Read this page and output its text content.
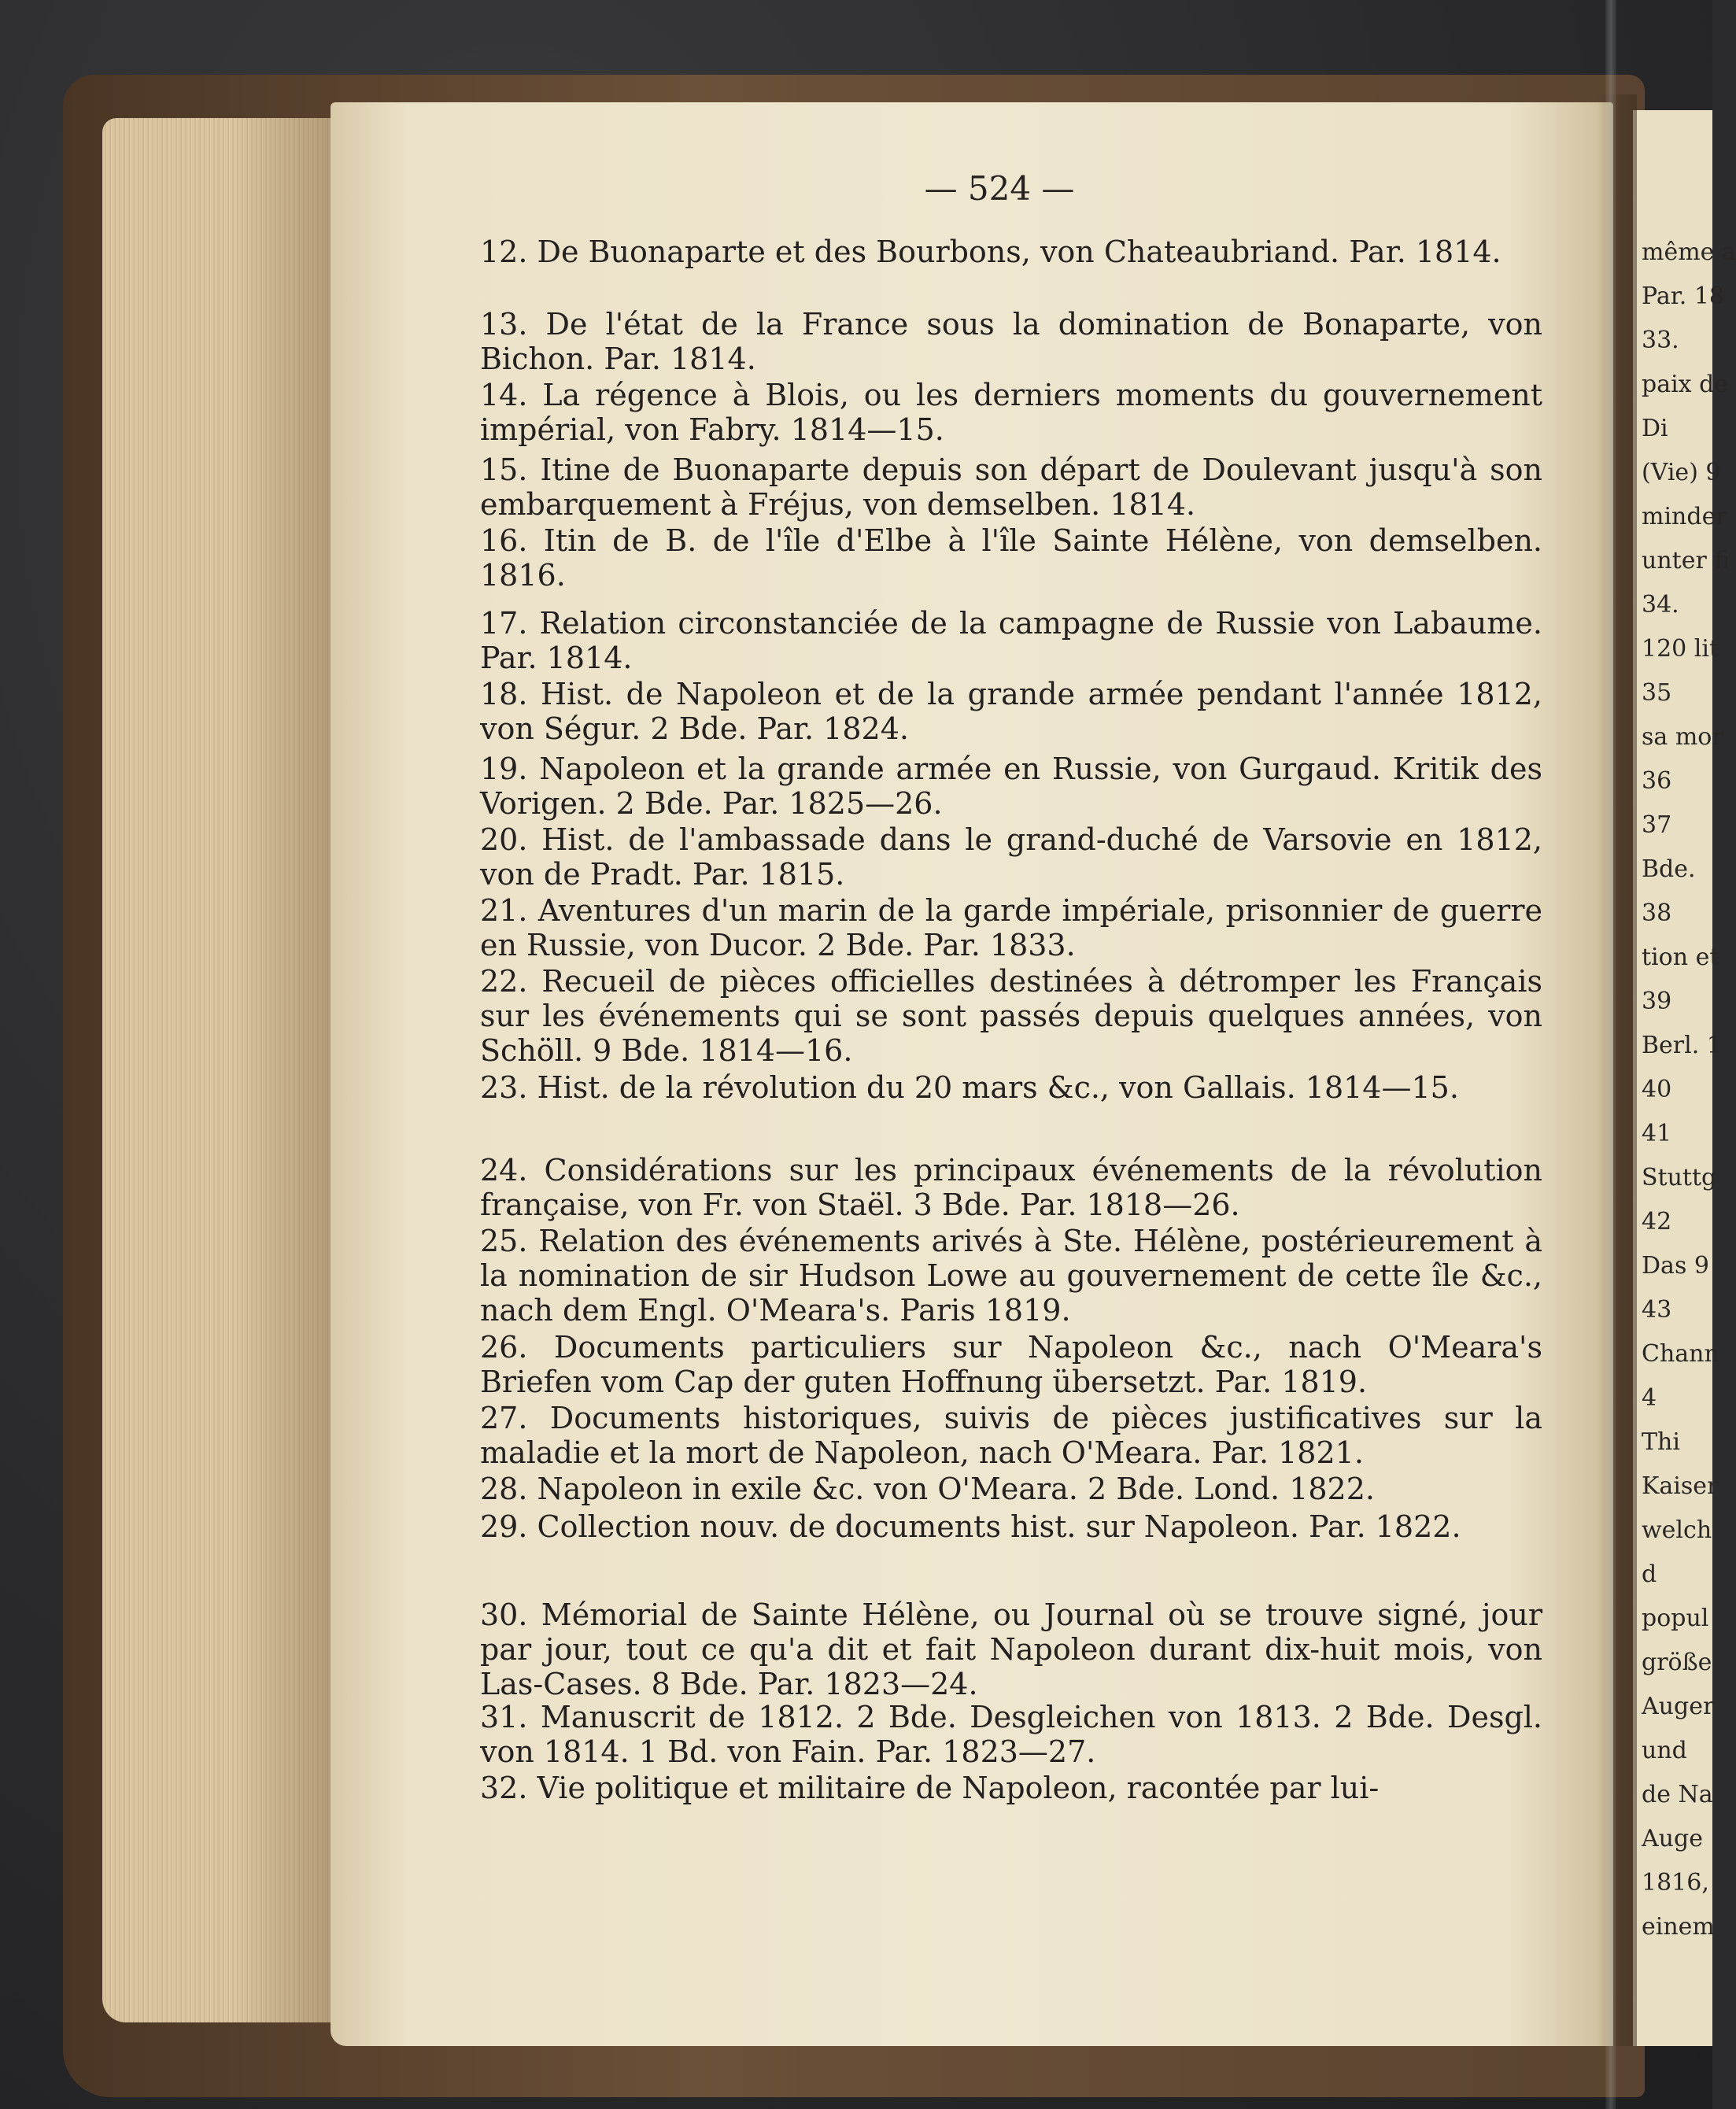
— 524 —
12. De Buonaparte et des Bourbons, von Chateaubriand. Par. 1814.
13. De l'état de la France sous la domination de Bonaparte, von Bichon. Par. 1814.
14. La régence à Blois, ou les derniers moments du gouvernement impérial, von Fabry. 1814—15.
15. Itine de Buonaparte depuis son départ de Doulevant jusqu'à son embarquement à Fréjus, von demselben. 1814.
16. Itin de B. de l'île d'Elbe à l'île Sainte Hélène, von demselben. 1816.
17. Relation circonstanciée de la campagne de Russie von Labaume. Par. 1814.
18. Hist. de Napoleon et de la grande armée pendant l'année 1812, von Ségur. 2 Bde. Par. 1824.
19. Napoleon et la grande armée en Russie, von Gurgaud. Kritik des Vorigen. 2 Bde. Par. 1825—26.
20. Hist. de l'ambassade dans le grand-duché de Varsovie en 1812, von de Pradt. Par. 1815.
21. Aventures d'un marin de la garde impériale, prisonnier de guerre en Russie, von Ducor. 2 Bde. Par. 1833.
22. Recueil de pièces officielles destinées à détromper les Français sur les événements qui se sont passés depuis quelques années, von Schöll. 9 Bde. 1814—16.
23. Hist. de la révolution du 20 mars &c., von Gallais. 1814—15.
24. Considérations sur les principaux événements de la révolution française, von Fr. von Staël. 3 Bde. Par. 1818—26.
25. Relation des événements arivés à Ste. Hélène, postérieurement à la nomination de sir Hudson Lowe au gouvernement de cette île &c., nach dem Engl. O'Meara's. Paris 1819.
26. Documents particuliers sur Napoleon &c., nach O'Meara's Briefen vom Cap der guten Hoffnung übersetzt. Par. 1819.
27. Documents historiques, suivis de pièces justificatives sur la maladie et la mort de Napoleon, nach O'Meara. Par. 1821.
28. Napoleon in exile &c. von O'Meara. 2 Bde. Lond. 1822.
29. Collection nouv. de documents hist. sur Napoleon. Par. 1822.
30. Mémorial de Sainte Hélène, ou Journal où se trouve signé, jour par jour, tout ce qu'a dit et fait Napoleon durant dix-huit mois, von Las-Cases. 8 Bde. Par. 1823—24.
31. Manuscrit de 1812. 2 Bde. Desgleichen von 1813. 2 Bde. Desgl. von 1814. 1 Bd. von Fain. Par. 1823—27.
32. Vie politique et militaire de Napoleon, racontée par lui-
même a
Par. 18
33.
paix de
Di
(Vie) 9
minder
unter fi
34.
120 lit
35
sa mor
36
37
Bde.
38
tion et
39
Berl. 1
40
41
Stuttg
42
Das 9
43
Chann
4
Thi
Kaiser
welch
d
popul
größe
Auger
und
de Na
Auge
1816,
einem
